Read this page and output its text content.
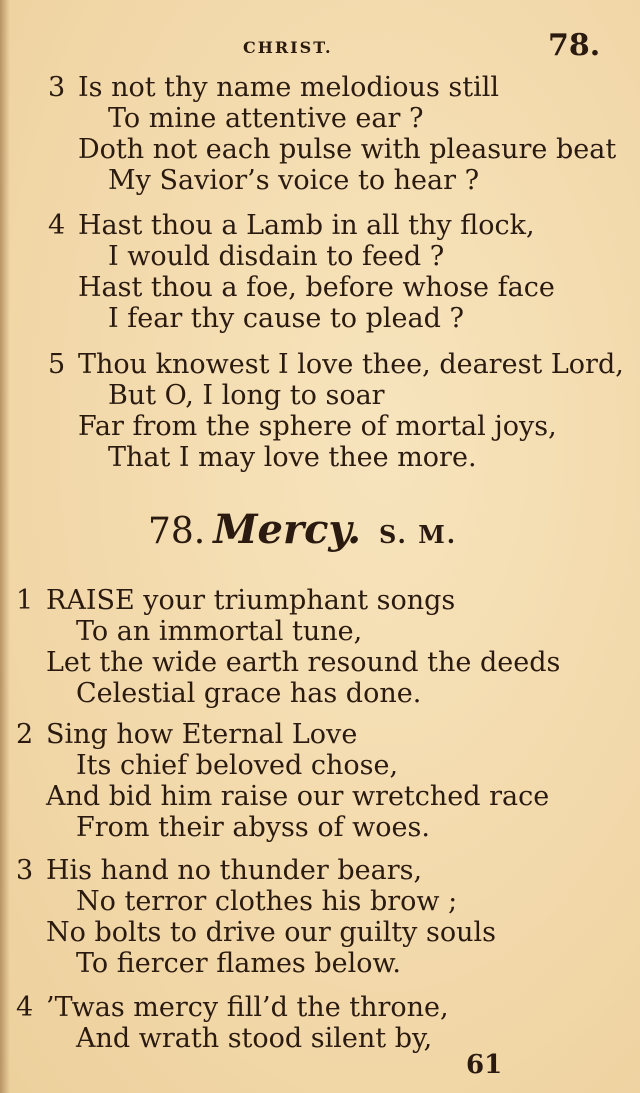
CHRIST.	78.
3 Is not thy name melodious still
To mine attentive ear ?
Doth not each pulse with pleasure beat
My Savior’s voice to hear ?
4 Hast thou a Lamb in all thy flock,
I would disdain to feed ?
Hast thou a foe, before whose face
I fear thy cause to plead ?
5 Thou knowest I love thee, dearest Lord,
But O, I long to soar
Far from the sphere of mortal joys,
That I may love thee more.
78. Mercy. S. M.
1 RAISE your triumphant songs
To an immortal tune,
Let the wide earth resound the deeds
Celestial grace has done.
2 Sing how Eternal Love
Its chief beloved chose,
And bid him raise our wretched race
From their abyss of woes.
3 His hand no thunder bears,
No terror clothes his brow ;
No bolts to drive our guilty souls
To fiercer flames below.
4 ’Twas mercy fill’d the throne,
And wrath stood silent by,
61
